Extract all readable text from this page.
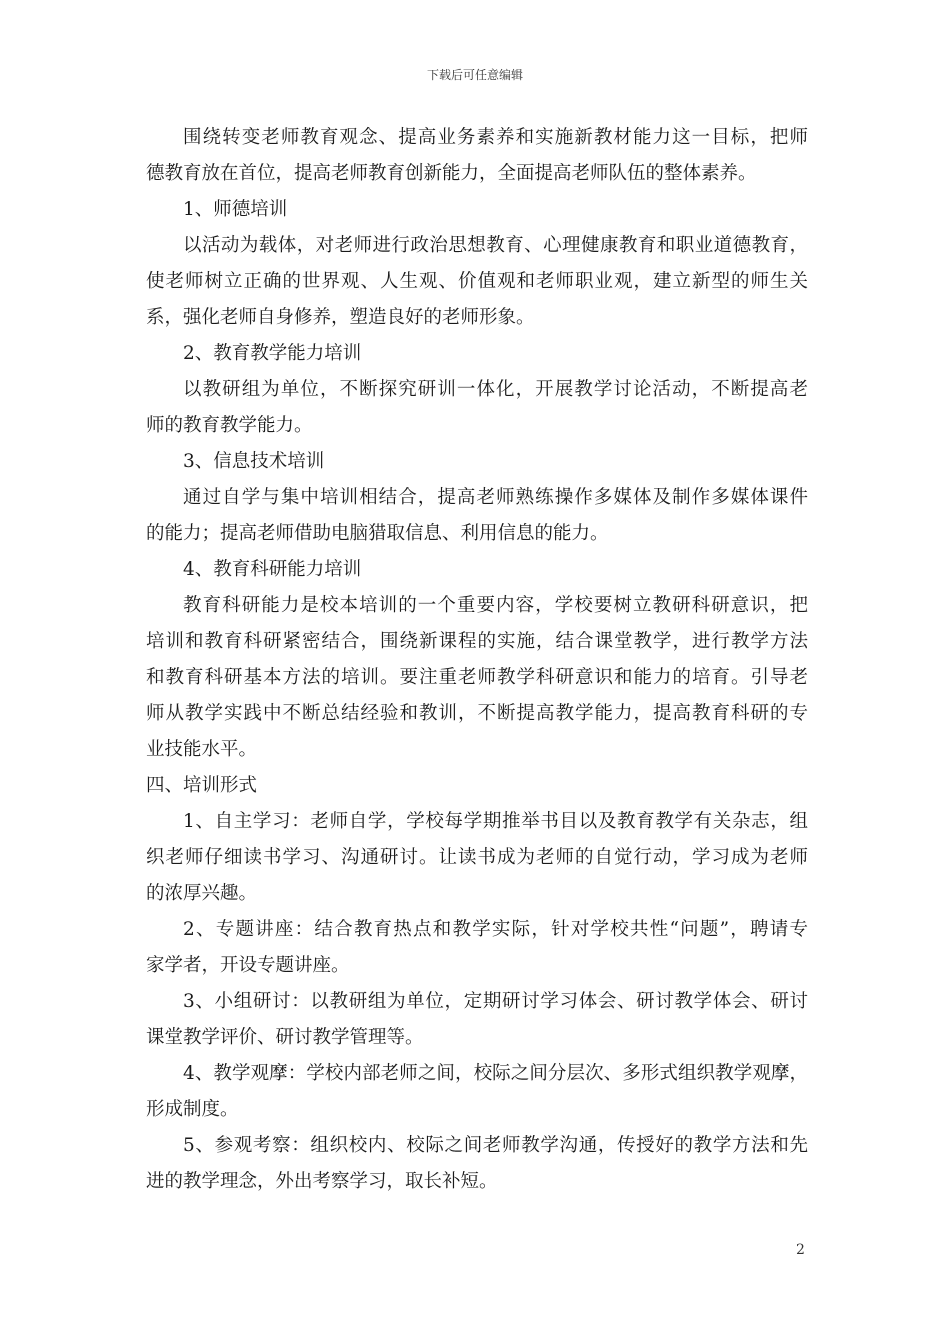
下载后可任意编辑
围绕转变老师教育观念、提高业务素养和实施新教材能力这一目标，把师
德教育放在首位，提高老师教育创新能力，全面提高老师队伍的整体素养。
1、师德培训
以活动为载体，对老师进行政治思想教育、心理健康教育和职业道德教育，
使老师树立正确的世界观、人生观、价值观和老师职业观，建立新型的师生关
系，强化老师自身修养，塑造良好的老师形象。
2、教育教学能力培训
以教研组为单位，不断探究研训一体化，开展教学讨论活动，不断提高老
师的教育教学能力。
3、信息技术培训
通过自学与集中培训相结合，提高老师熟练操作多媒体及制作多媒体课件
的能力；提高老师借助电脑猎取信息、利用信息的能力。
4、教育科研能力培训
教育科研能力是校本培训的一个重要内容，学校要树立教研科研意识，把
培训和教育科研紧密结合，围绕新课程的实施，结合课堂教学，进行教学方法
和教育科研基本方法的培训。要注重老师教学科研意识和能力的培育。引导老
师从教学实践中不断总结经验和教训，不断提高教学能力，提高教育科研的专
业技能水平。
四、培训形式
1、自主学习：老师自学，学校每学期推举书目以及教育教学有关杂志，组
织老师仔细读书学习、沟通研讨。让读书成为老师的自觉行动，学习成为老师
的浓厚兴趣。
2、专题讲座：结合教育热点和教学实际，针对学校共性“问题”，聘请专
家学者，开设专题讲座。
3、小组研讨：以教研组为单位，定期研讨学习体会、研讨教学体会、研讨
课堂教学评价、研讨教学管理等。
4、教学观摩：学校内部老师之间，校际之间分层次、多形式组织教学观摩，
形成制度。
5、参观考察：组织校内、校际之间老师教学沟通，传授好的教学方法和先
进的教学理念，外出考察学习，取长补短。
2
